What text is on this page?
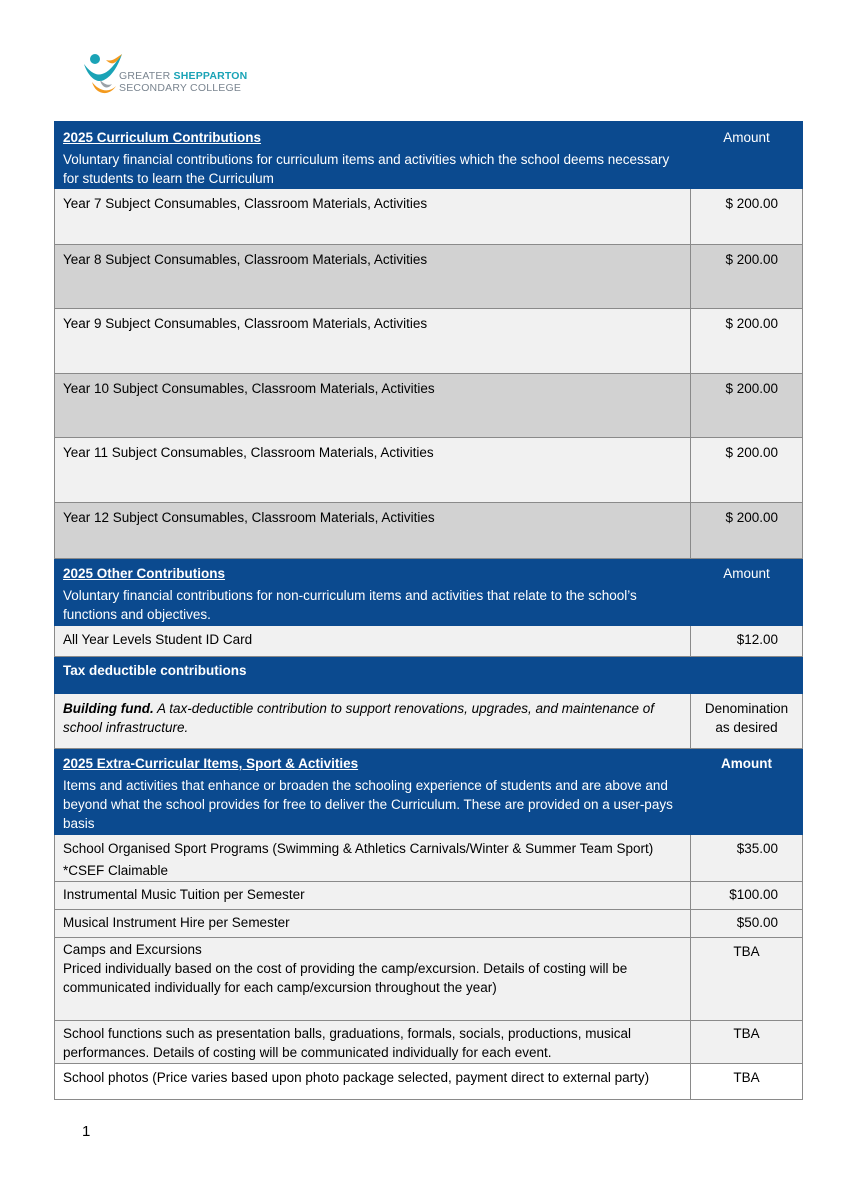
GREATER SHEPPARTON
SECONDARY COLLEGE
2025 Curriculum Contributions
Voluntary financial contributions for curriculum items and activities which the school deems necessary for students to learn the Curriculum	Amount
Year 7 Subject Consumables, Classroom Materials, Activities	$ 200.00
Year 8 Subject Consumables, Classroom Materials, Activities	$ 200.00
Year 9 Subject Consumables, Classroom Materials, Activities	$ 200.00
Year 10 Subject Consumables, Classroom Materials, Activities	$ 200.00
Year 11 Subject Consumables, Classroom Materials, Activities	$ 200.00
Year 12 Subject Consumables, Classroom Materials, Activities	$ 200.00
2025 Other Contributions
Voluntary financial contributions for non-curriculum items and activities that relate to the school’s functions and objectives.	Amount
All Year Levels Student ID Card	$12.00
Tax deductible contributions	
Building fund. A tax-deductible contribution to support renovations, upgrades, and maintenance of school infrastructure.	Denomination as desired
2025 Extra-Curricular Items, Sport & Activities
Items and activities that enhance or broaden the schooling experience of students and are above and beyond what the school provides for free to deliver the Curriculum. These are provided on a user-pays basis	Amount
School Organised Sport Programs (Swimming & Athletics Carnivals/Winter & Summer Team Sport)
*CSEF Claimable	$35.00
Instrumental Music Tuition per Semester	$100.00
Musical Instrument Hire per Semester	$50.00
Camps and Excursions
Priced individually based on the cost of providing the camp/excursion. Details of costing will be communicated individually for each camp/excursion throughout the year)	TBA
School functions such as presentation balls, graduations, formals, socials, productions, musical performances. Details of costing will be communicated individually for each event.	TBA
School photos (Price varies based upon photo package selected, payment direct to external party)	TBA
1
